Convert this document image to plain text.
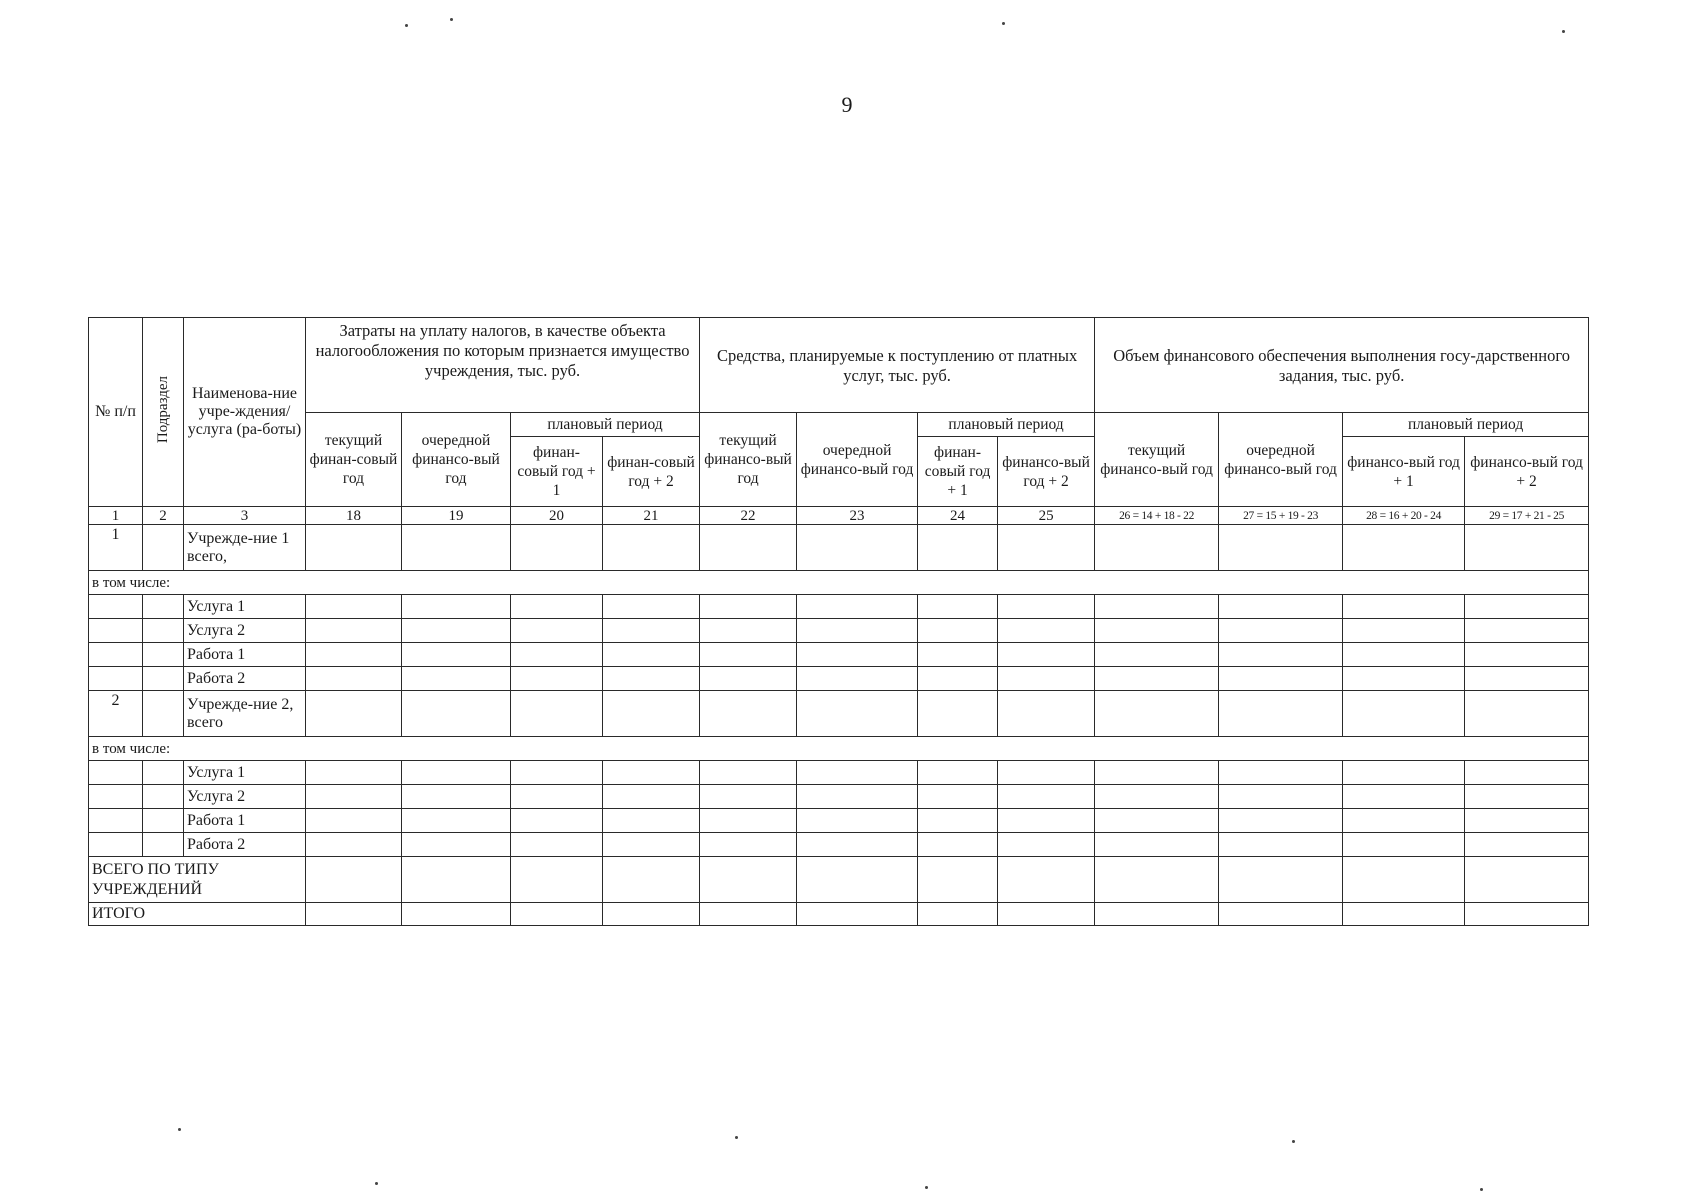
9
№ п/п	Подраздел	Наименова-ние учре-ждения/ услуга (ра-боты)	Затраты на уплату налогов, в качестве объекта налогообложения по которым признается имущество учреждения, тыс. руб.				Средства, планируемые к поступлению от платных услуг, тыс. руб.				Объем финансового обеспечения выполнения госу-дарственного задания, тыс. руб.			
			текущий финан-совый год	очередной финансо-вый год	плановый период		текущий финансо-вый год	очередной финансо-вый год	плановый период		текущий финансо-вый год	очередной финансо-вый год	плановый период	
					финан-совый год + 1	финан-совый год + 2			финан-совый год + 1	финансо-вый год + 2			финансо-вый год + 1	финансо-вый год + 2
1	2	3	18	19	20	21	22	23	24	25	26 = 14 + 18 - 22	27 = 15 + 19 - 23	28 = 16 + 20 - 24	29 = 17 + 21 - 25
1		Учрежде-ние 1 всего,												
в том числе:														
		Услуга 1												
		Услуга 2												
		Работа 1												
		Работа 2												
2		Учрежде-ние 2, всего												
в том числе:														
		Услуга 1												
		Услуга 2												
		Работа 1												
		Работа 2												
ВСЕГО ПО ТИПУ УЧРЕЖДЕНИЙ														
ИТОГО														
